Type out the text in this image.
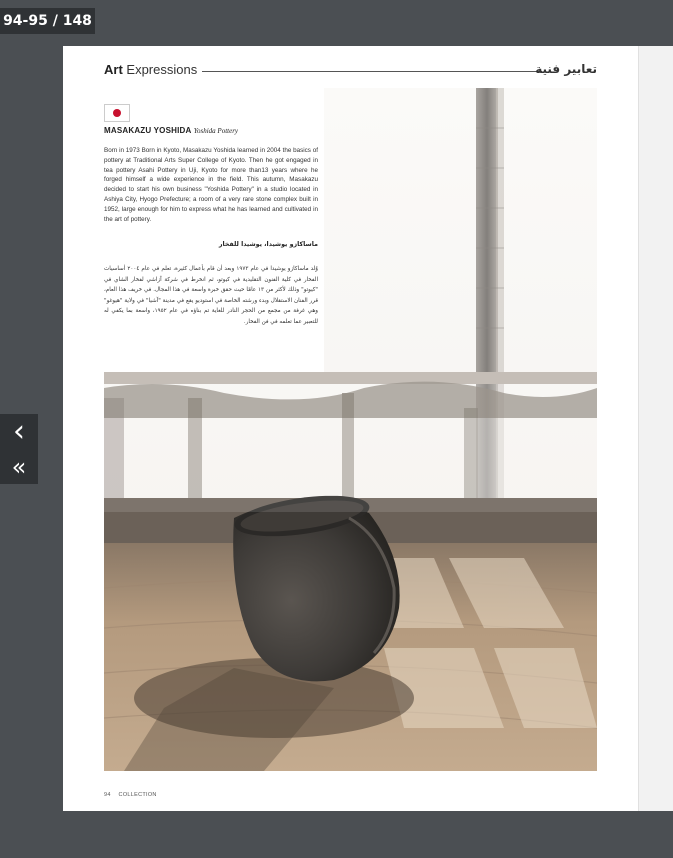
94-95 / 148
Art Expressions	تعابير فنية
MASAKAZU YOSHIDA Yoshida Pottery

Born in 1973 Born in Kyoto, Masakazu Yoshida learned in 2004 the basics of pottery at Traditional Arts Super College of Kyoto. Then he got engaged in tea pottery Asahi Pottery in Uji, Kyoto for more than13 years where he forged himself a wide experience in the field. This autumn, Masakazu decided to start his own business "Yoshida Pottery" in a studio located in Ashiya City, Hyogo Prefecture; a room of a very rare stone complex built in 1952, large enough for him to express what he has learned and cultivated in the art of pottery.

ماساكازو يوشيدا، يوشيدا للفخار

وُلد ماساكازو يوشيدا في عام ١٩٧٣ وبعد أن قام بأعمال كثيرة، تعلم في عام ٢٠٠٤ أساسيات الفخار في كلية الفنون التقليدية في كيوتو، ثم انخرط في شركة آزاشي لفخار الشاي في "كيوتو" وذلك لأكثر من ١٣ عامًا حيث حقق خبرة واسعة في هذا المجال. في خريف هذا العام، قرر الفنان الاستقلال وبدء ورشته الخاصة في استوديو يقع في مدينة "آشيا" في ولاية "هيوغو" وهي غرفة من مجمع من الحجر النادر للغاية تم بناؤه في عام ١٩٥٢، واسعة بما يكفي له للتعبير عما تعلمه في فن الفخار.

94 COLLECTION
‹
«
